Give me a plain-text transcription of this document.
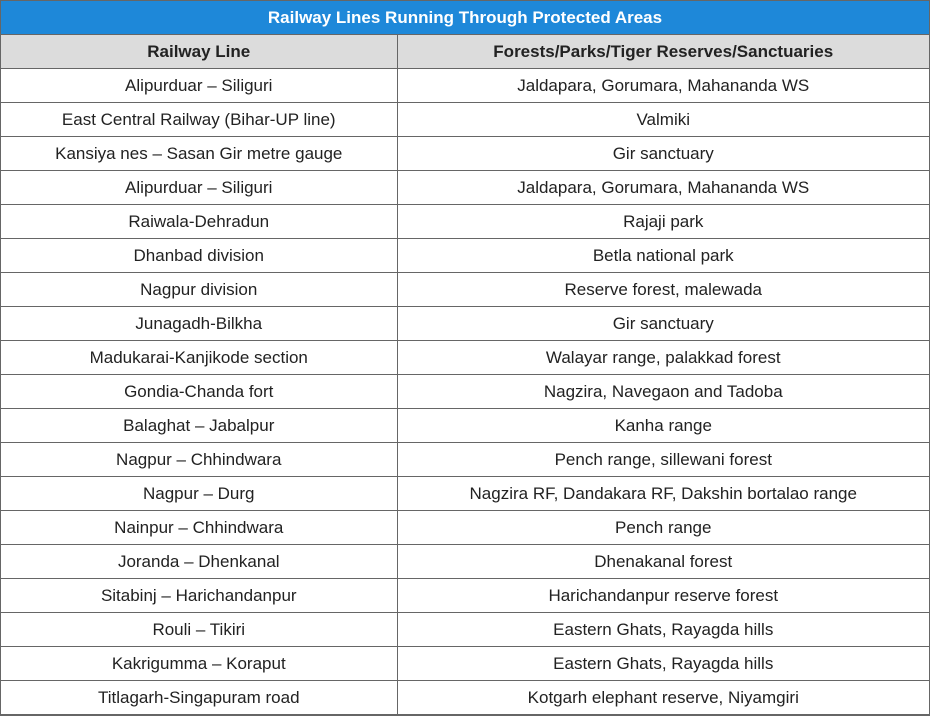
Railway Lines Running Through Protected Areas
Railway Line	Forests/Parks/Tiger Reserves/Sanctuaries
Alipurduar – Siliguri	Jaldapara, Gorumara, Mahananda WS
East Central Railway (Bihar-UP line)	Valmiki
Kansiya nes – Sasan Gir metre gauge	Gir sanctuary
Alipurduar – Siliguri	Jaldapara, Gorumara, Mahananda WS
Raiwala-Dehradun	Rajaji park
Dhanbad division	Betla national park
Nagpur division	Reserve forest, malewada
Junagadh-Bilkha	Gir sanctuary
Madukarai-Kanjikode section	Walayar range, palakkad forest
Gondia-Chanda fort	Nagzira, Navegaon and Tadoba
Balaghat – Jabalpur	Kanha range
Nagpur – Chhindwara	Pench range, sillewani forest
Nagpur – Durg	Nagzira RF, Dandakara RF, Dakshin bortalao range
Nainpur – Chhindwara	Pench range
Joranda – Dhenkanal	Dhenakanal forest
Sitabinj – Harichandanpur	Harichandanpur reserve forest
Rouli – Tikiri	Eastern Ghats, Rayagda hills
Kakrigumma – Koraput	Eastern Ghats, Rayagda hills
Titlagarh-Singapuram road	Kotgarh elephant reserve, Niyamgiri
